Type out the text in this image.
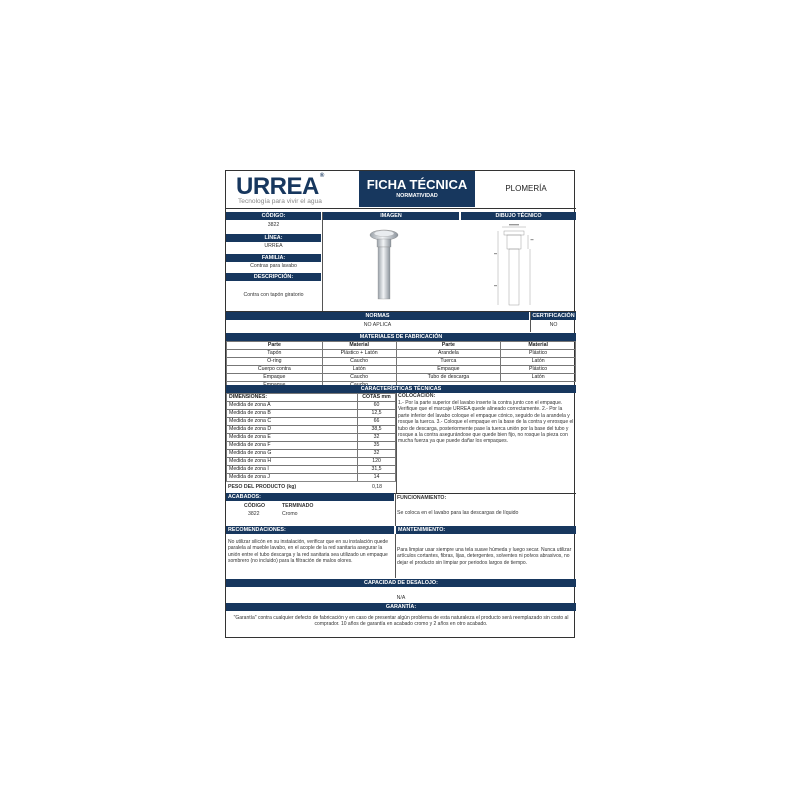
URREA®
Tecnología para vivir el agua
FICHA TÉCNICA
NORMATIVIDAD
PLOMERÍA
CÓDIGO:	IMAGEN	DIBUJO TÉCNICO
3822
LÍNEA:
URREA
FAMILIA:
Contras para lavabo
DESCRIPCIÓN:
Contra con tapón giratorio
NORMAS	CERTIFICACIÓN
NO APLICA	NO
MATERIALES DE FABRICACIÓN
Parte	Material	Parte	Material
Tapón	Plástico + Latón	Arandela	Plástico
O-ring	Caucho	Tuerca	Latón
Cuerpo contra	Latón	Empaque	Plástico
Empaque	Caucho	Tubo de descarga	Latón

CARACTERÍSTICAS TÉCNICAS
DIMENSIONES:	COTAS mm
Medida de zona A	60
Medida de zona B	12,5
Medida de zona C	66
Medida de zona D	38,5
Medida de zona E	32
Medida de zona F	35
Medida de zona G	32
Medida de zona H	120
Medida de zona I	31,5
Medida de zona J	14
COLOCACIÓN:
1.- Por la parte superior del lavabo inserte la contra junto con el empaque. Verifique que el marcaje URREA quede alineado correctamente. 2.- Por la parte inferior del lavabo coloque el empaque cónico, seguido de la arandela y rosque la tuerca. 3.- Coloque el empaque en la base de la contra y enrosque el tubo de descarga, posteriormente pase la tuerca unión por la base del tubo y rosque a la contra asegurándose que quede bien fijo, no rosque la pieza con mucha fuerza ya que puede dañar los empaques.
PESO DEL PRODUCTO (kg)	0,18
ACABADOS:
CÓDIGO	TERMINADO
3822	Cromo
FUNCIONAMIENTO:
Se coloca en el lavabo para las descargas de líquido
RECOMENDACIONES:	MANTENIMIENTO:
No utilizar silicón en su instalación, verificar que en su instalación quede paralela al mueble lavabo, en el acople de la red sanitaria asegurar la unión entre el tubo descarga y la red sanitaria sea utilizado un empaque sombrero (no incluido) para la filtración de malos olores.
Para limpiar usar siempre una tela suave húmeda y luego secar. Nunca utilizar artículos cortantes, fibras, lijas, detergentes, solventes ni polvos abrasivos, no dejar el producto sin limpiar por periodos largos de tiempo.
CAPACIDAD DE DESALOJO:
N/A
GARANTÍA:
"Garantía" contra cualquier defecto de fabricación y en caso de presentar algún problema de esta naturaleza el producto será reemplazado sin costo al comprador. 10 años de garantía en acabado cromo y 2 años en otro acabado.
